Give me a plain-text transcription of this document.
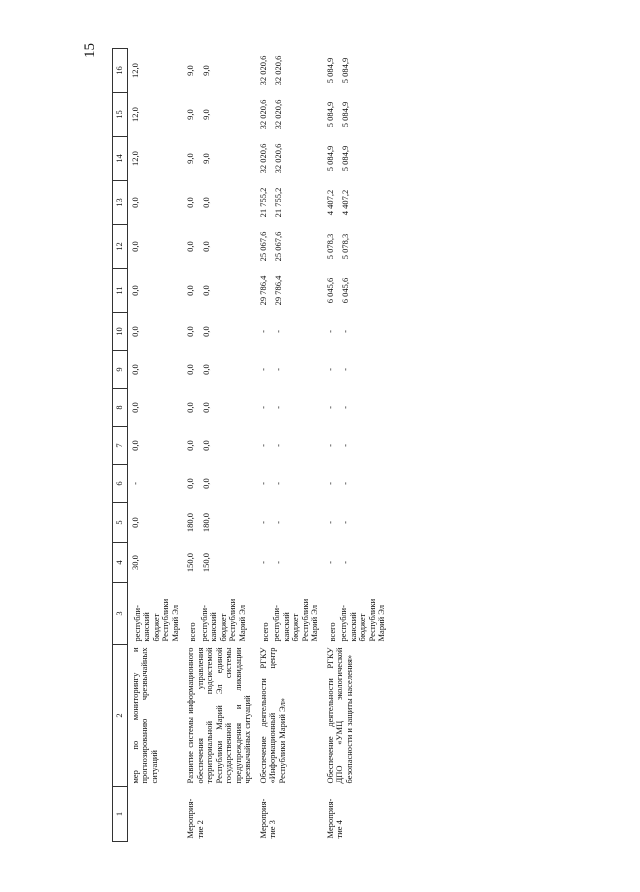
15
1	2	3	4	5	6	7	8	9	10	11	12	13	14	15	16
	мер по мониторингу и прогнозированию чрезвычайных ситуаций	республи-канский бюджет Республики Марий Эл	30,0	0,0	-	0,0	0,0	0,0	0,0	0,0	0,0	0,0	12,0	12,0	12,0

Мероприя-тие 2	Развитие системы информационного обеспечения управления территориальной подсистемой Республики Марий Эл единой государственной системы предупреждения и ликвидации чрезвычайных ситуаций	всего республи-канский бюджет Республики Марий Эл	150,0 150,0	180,0 180,0	0,0 0,0	0,0 0,0	0,0 0,0	0,0 0,0	0,0 0,0	0,0 0,0	0,0 0,0	0,0 0,0	9,0 9,0	9,0 9,0	9,0 9,0

Мероприя-тие 3	Обеспечение деятельности РГКУ «Информационный центр Республики Марий Эл»	всего республи-канский бюджет Республики Марий Эл	- -	- -	- -	- -	- -	- -	- -	29 786,4 29 786,4	25 067,6 25 067,6	21 755,2 21 755,2	32 020,6 32 020,6	32 020,6 32 020,6	32 020,6 32 020,6

Мероприя-тие 4	Обеспечение деятельности РГКУ ДПО «УМЦ экологической безопасности и защиты населения»	всего республи-канский бюджет Республики Марий Эл	- -	- -	- -	- -	- -	- -	- -	6 045,6 6 045,6	5 078,3 5 078,3	4 407,2 4 407,2	5 084,9 5 084,9	5 084,9 5 084,9	5 084,9 5 084,9
